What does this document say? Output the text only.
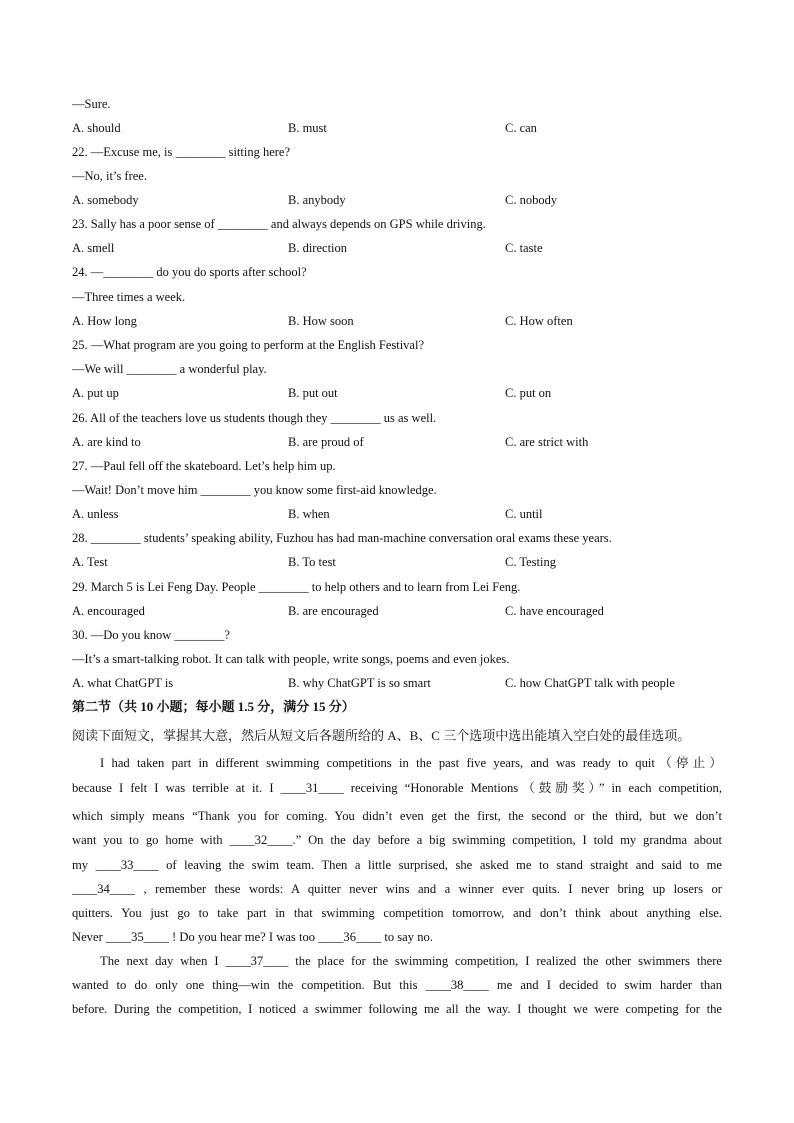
—Sure.
A. should	B. must	C. can
22. —Excuse me, is ________ sitting here?
—No, it’s free.
A. somebody	B. anybody	C. nobody
23. Sally has a poor sense of ________ and always depends on GPS while driving.
A. smell	B. direction	C. taste
24. —________ do you do sports after school?
—Three times a week.
A. How long	B. How soon	C. How often
25. —What program are you going to perform at the English Festival?
—We will ________ a wonderful play.
A. put up	B. put out	C. put on
26. All of the teachers love us students though they ________ us as well.
A. are kind to	B. are proud of	C. are strict with
27. —Paul fell off the skateboard. Let’s help him up.
—Wait! Don’t move him ________ you know some first-aid knowledge.
A. unless	B. when	C. until
28. ________ students’ speaking ability, Fuzhou has had man-machine conversation oral exams these years.
A. Test	B. To test	C. Testing
29. March 5 is Lei Feng Day. People ________ to help others and to learn from Lei Feng.
A. encouraged	B. are encouraged	C. have encouraged
30. —Do you know ________?
—It’s a smart-talking robot. It can talk with people, write songs, poems and even jokes.
A. what ChatGPT is	B. why ChatGPT is so smart	C. how ChatGPT talk with people
第二节（共 10 小题；每小题 1.5 分，满分 15 分）
阅读下面短文，掌握其大意，然后从短文后各题所给的 A、B、C 三个选项中选出能填入空白处的最佳选项。
I had taken part in different swimming competitions in the past five years, and was ready to quit（停止）
because I felt I was terrible at it. I ____31____ receiving “Honorable Mentions（鼓励奖）” in each competition,
which simply means “Thank you for coming. You didn’t even get the first, the second or the third, but we don’t
want you to go home with ____32____.” On the day before a big swimming competition, I told my grandma about
my ____33____ of leaving the swim team. Then a little surprised, she asked me to stand straight and said to me
____34____ , remember these words: A quitter never wins and a winner ever quits. I never bring up losers or
quitters. You just go to take part in that swimming competition tomorrow, and don’t think about anything else.
Never ____35____ ! Do you hear me? I was too ____36____ to say no.
The next day when I ____37____ the place for the swimming competition, I realized the other swimmers there
wanted to do only one thing—win the competition. But this ____38____ me and I decided to swim harder than
before. During the competition, I noticed a swimmer following me all the way. I thought we were competing for the
